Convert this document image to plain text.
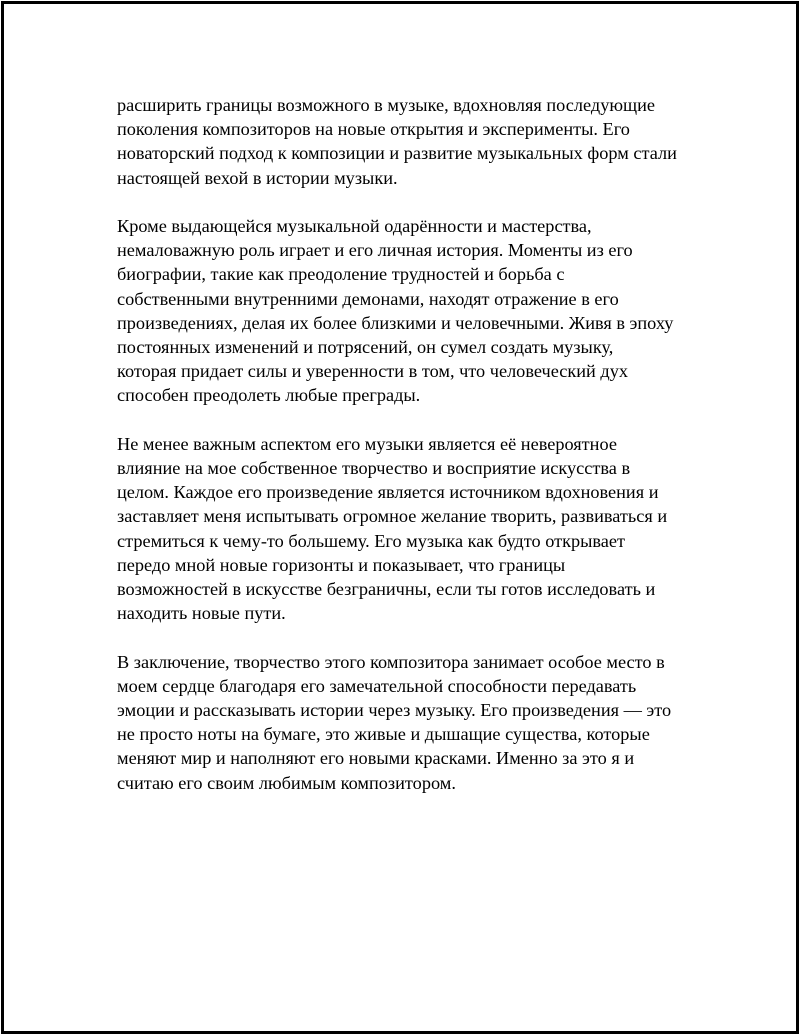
расширить границы возможного в музыке, вдохновляя последующие
поколения композиторов на новые открытия и эксперименты. Его
новаторский подход к композиции и развитие музыкальных форм стали
настоящей вехой в истории музыки.

Кроме выдающейся музыкальной одарённости и мастерства,
немаловажную роль играет и его личная история. Моменты из его
биографии, такие как преодоление трудностей и борьба с
собственными внутренними демонами, находят отражение в его
произведениях, делая их более близкими и человечными. Живя в эпоху
постоянных изменений и потрясений, он сумел создать музыку,
которая придает силы и уверенности в том, что человеческий дух
способен преодолеть любые преграды.

Не менее важным аспектом его музыки является её невероятное
влияние на мое собственное творчество и восприятие искусства в
целом. Каждое его произведение является источником вдохновения и
заставляет меня испытывать огромное желание творить, развиваться и
стремиться к чему-то большему. Его музыка как будто открывает
передо мной новые горизонты и показывает, что границы
возможностей в искусстве безграничны, если ты готов исследовать и
находить новые пути.

В заключение, творчество этого композитора занимает особое место в
моем сердце благодаря его замечательной способности передавать
эмоции и рассказывать истории через музыку. Его произведения — это
не просто ноты на бумаге, это живые и дышащие существа, которые
меняют мир и наполняют его новыми красками. Именно за это я и
считаю его своим любимым композитором.
